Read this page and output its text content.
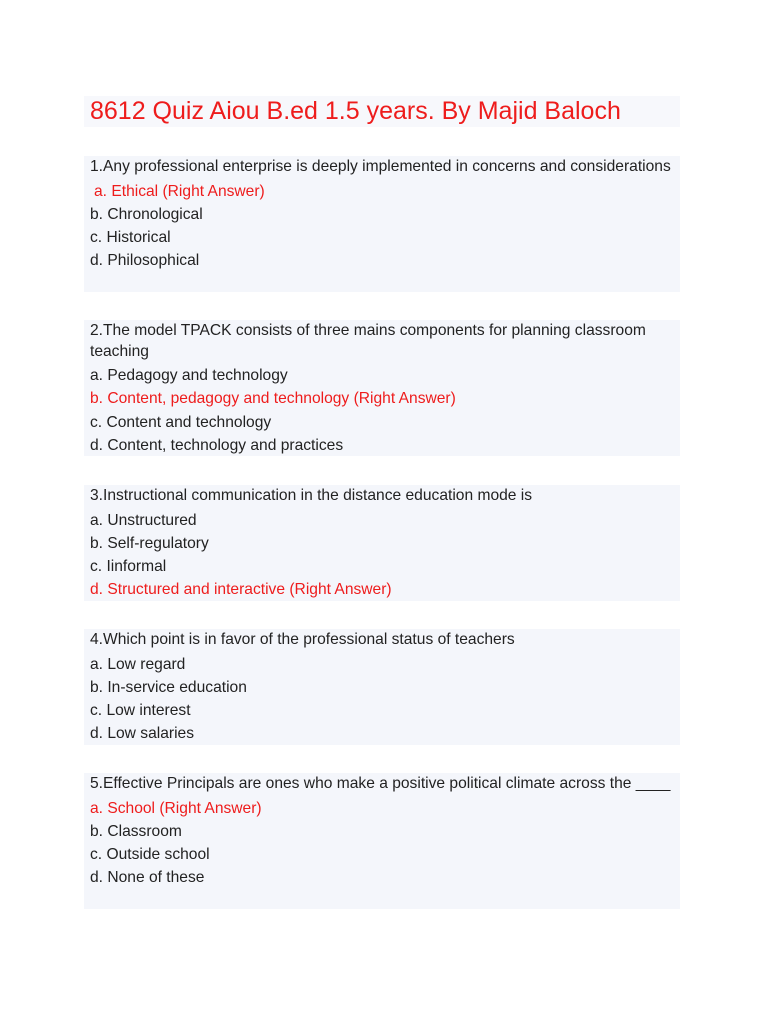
8612 Quiz Aiou B.ed 1.5 years. By Majid Baloch
1.Any professional enterprise is deeply implemented in concerns and considerations
a. Ethical (Right Answer)
b. Chronological
c. Historical
d. Philosophical
2.The model TPACK consists of three mains components for planning classroom teaching
a. Pedagogy and technology
b. Content, pedagogy and technology (Right Answer)
c. Content and technology
d. Content, technology and practices
3.Instructional communication in the distance education mode is
a. Unstructured
b. Self-regulatory
c. Iinformal
d. Structured and interactive (Right Answer)
4.Which point is in favor of the professional status of teachers
a. Low regard
b. In-service education
c. Low interest
d. Low salaries
5.Effective Principals are ones who make a positive political climate across the ____
a. School (Right Answer)
b. Classroom
c. Outside school
d. None of these
